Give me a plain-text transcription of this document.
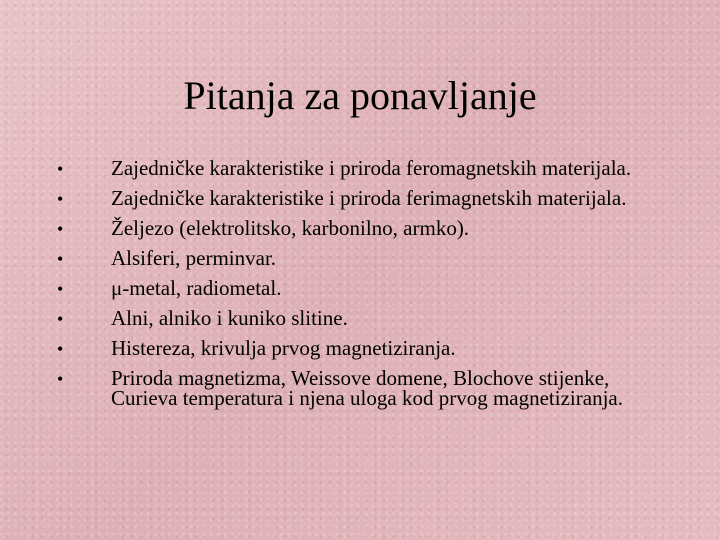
Pitanja za ponavljanje
• Zajedničke karakteristike i priroda feromagnetskih materijala.
• Zajedničke karakteristike i priroda ferimagnetskih materijala.
• Željezo (elektrolitsko, karbonilno, armko).
• Alsiferi, perminvar.
• μ-metal, radiometal.
• Alni, alniko i kuniko slitine.
• Histereza, krivulja prvog magnetiziranja.
• Priroda magnetizma, Weissove domene, Blochove stijenke, Curieva temperatura i njena uloga kod prvog magnetiziranja.
